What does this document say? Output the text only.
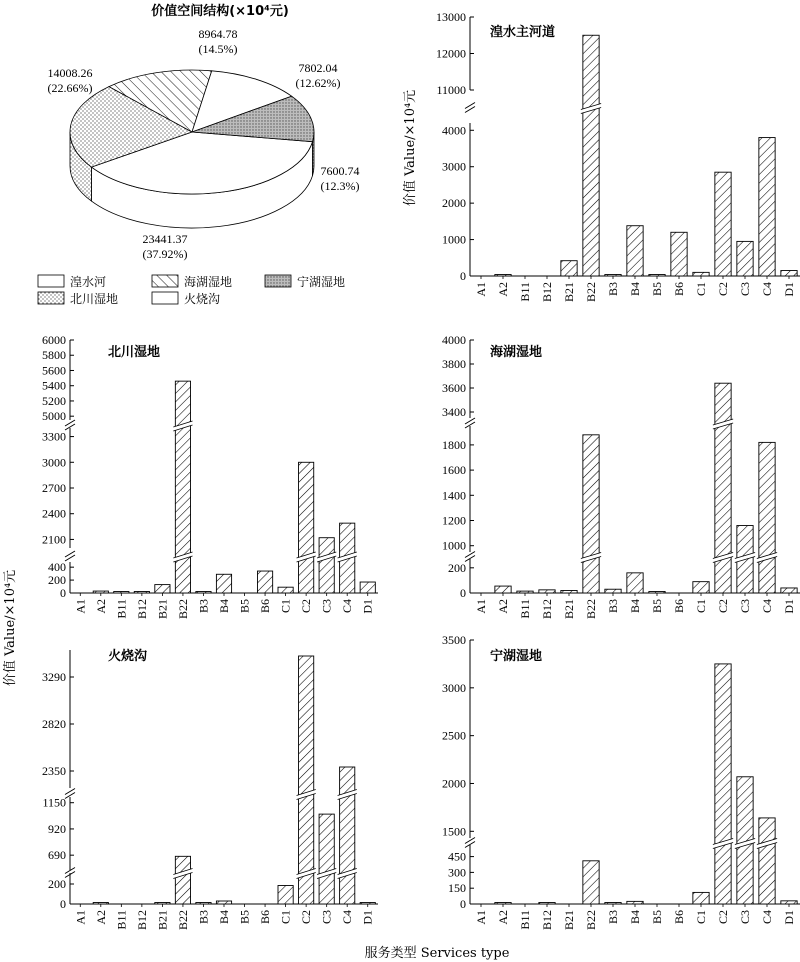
价值空间结构(×10⁴元)
8964.78
(14.5%)
14008.26
(22.66%)
7802.04
(12.62%)
7600.74
(12.3%)
23441.37
(37.92%)
湟水河	海湖湿地	宁湖湿地
北川湿地	火烧沟
0
1000
2000
3000
4000
11000
12000
13000
A1 A2 B11 B12 B21 B22 B3 B4 B5 B6 C1 C2 C3 C4 D1
湟水主河道
0
200
400
2100
2400
2700
3000
3300
5000
5200
5400
5600
5800
6000
A1 A2 B11 B12 B21 B22 B3 B4 B5 B6 C1 C2 C3 C4 D1
北川湿地
0
200
1000
1200
1400
1600
1800
3400
3600
3800
4000
A1 A2 B11 B12 B21 B22 B3 B4 B5 B6 C1 C2 C3 C4 D1
海湖湿地
0
200
690
920
1150
2350
2820
3290
A1 A2 B11 B12 B21 B22 B3 B4 B5 B6 C1 C2 C3 C4 D1
火烧沟
0
150
300
450
1500
2000
2500
3000
3500
A1 A2 B11 B12 B21 B22 B3 B4 B5 B6 C1 C2 C3 C4 D1
宁湖湿地
价值 Value/×10⁴元
价值 Value/×10⁴元
服务类型 Services type
